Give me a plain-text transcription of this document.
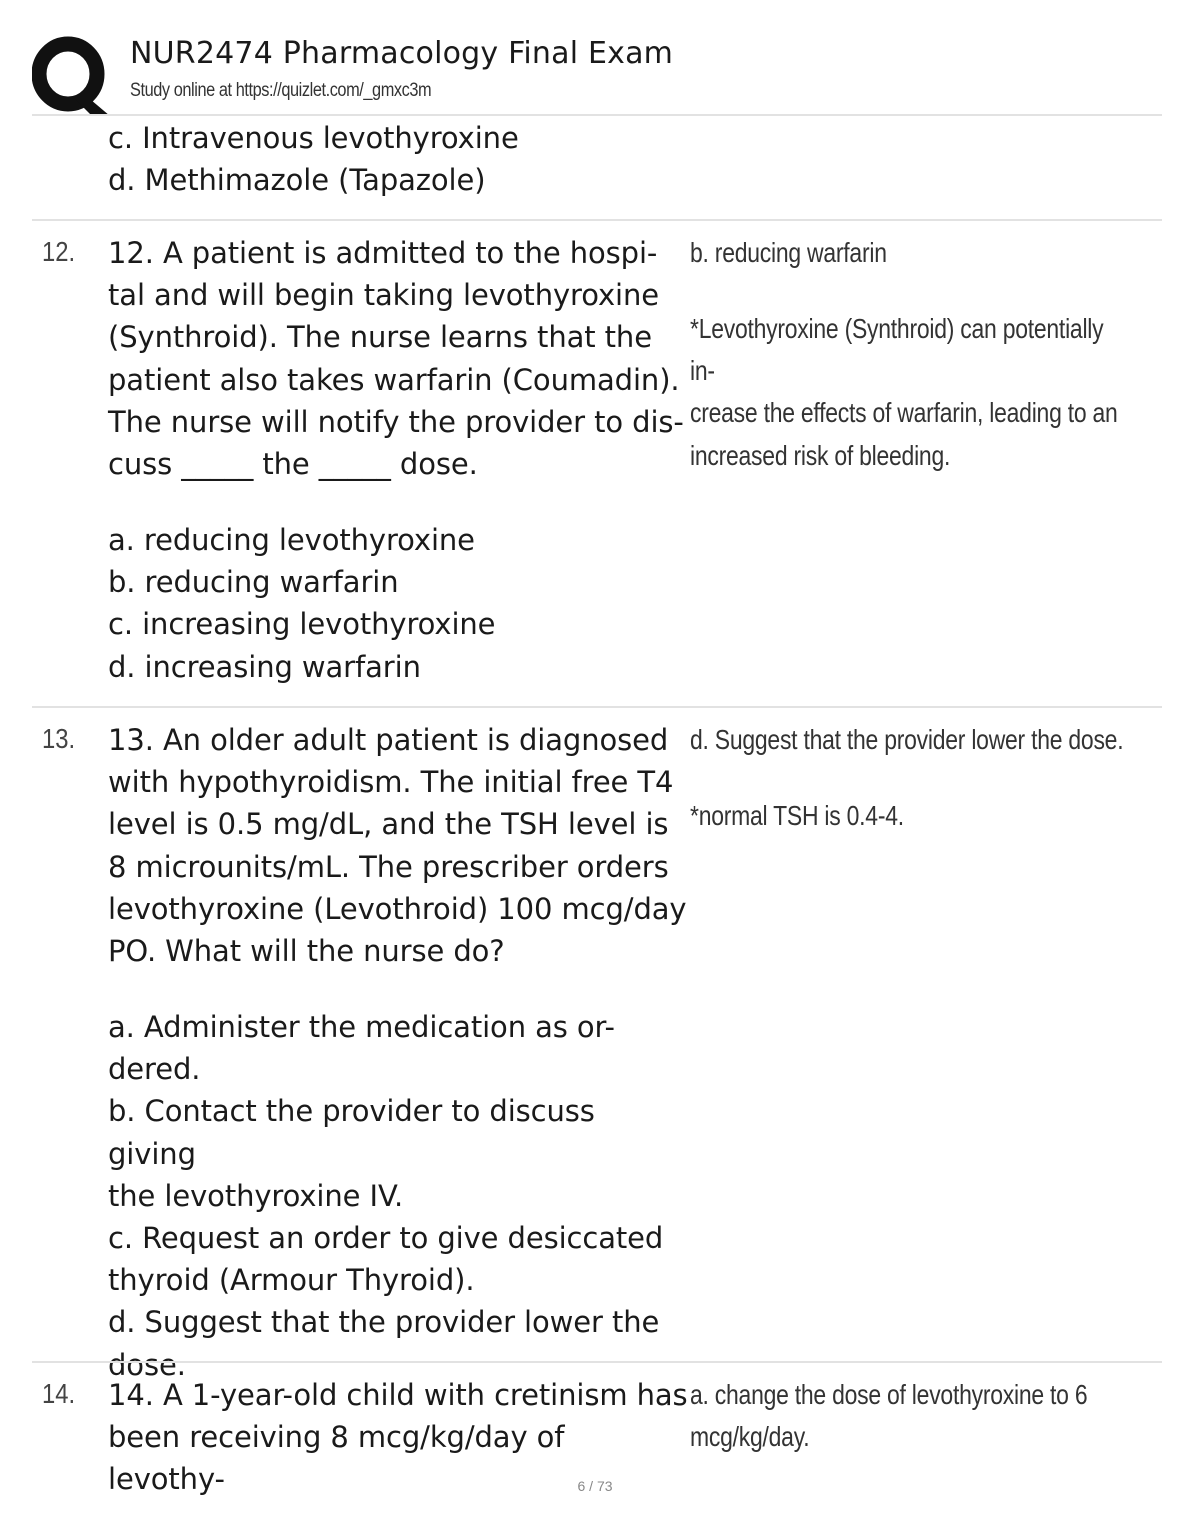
NUR2474 Pharmacology Final Exam
Study online at https://quizlet.com/_gmxc3m
c. Intravenous levothyroxine
d. Methimazole (Tapazole)
12. 12. A patient is admitted to the hospi-
tal and will begin taking levothyroxine
(Synthroid). The nurse learns that the
patient also takes warfarin (Coumadin).
The nurse will notify the provider to dis-
cuss _____ the _____ dose.
a. reducing levothyroxine
b. reducing warfarin
c. increasing levothyroxine
d. increasing warfarin
b. reducing warfarin
*Levothyroxine (Synthroid) can potentially in-
crease the effects of warfarin, leading to an
increased risk of bleeding.
13. 13. An older adult patient is diagnosed
with hypothyroidism. The initial free T4
level is 0.5 mg/dL, and the TSH level is
8 microunits/mL. The prescriber orders
levothyroxine (Levothroid) 100 mcg/day
PO. What will the nurse do?
a. Administer the medication as or-
dered.
b. Contact the provider to discuss giving
the levothyroxine IV.
c. Request an order to give desiccated
thyroid (Armour Thyroid).
d. Suggest that the provider lower the
dose.
d. Suggest that the provider lower the dose.
*normal TSH is 0.4-4.
14. 14. A 1-year-old child with cretinism has
been receiving 8 mcg/kg/day of levothy-
a. change the dose of levothyroxine to 6
mcg/kg/day.
6 / 73
